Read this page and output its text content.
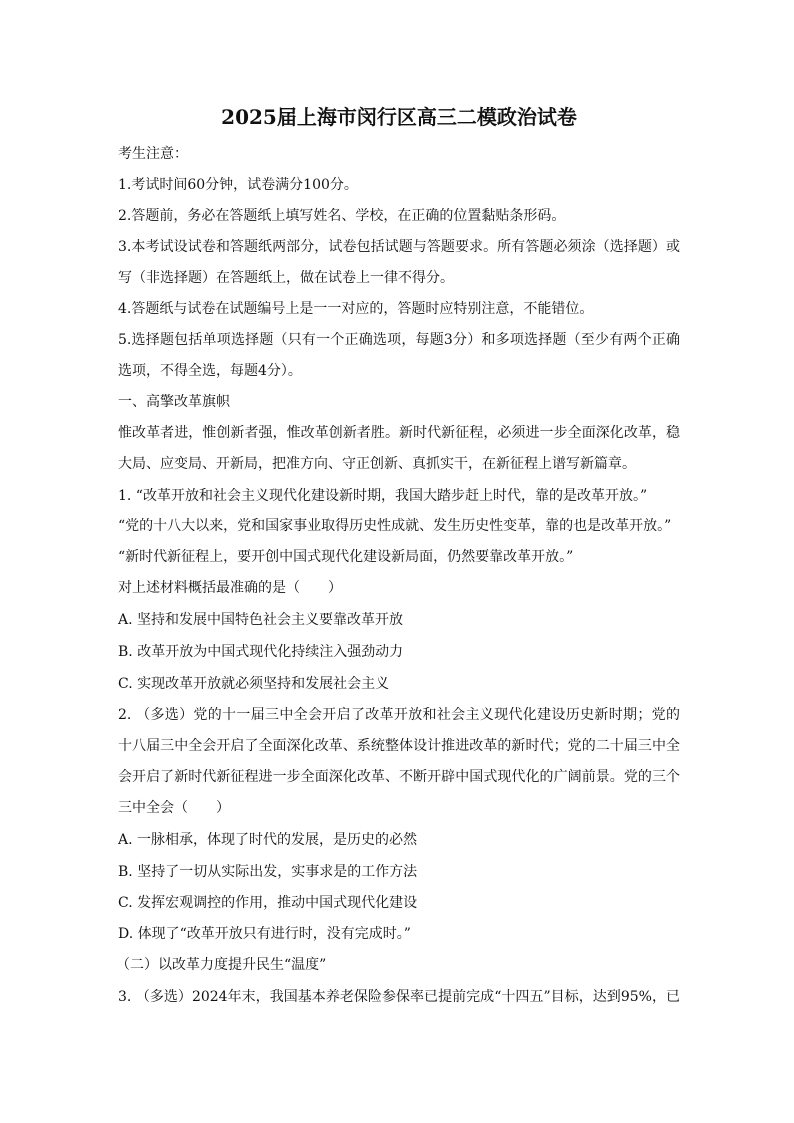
2025届上海市闵行区高三二模政治试卷
考生注意：
1.考试时间60分钟，试卷满分100分。
2.答题前，务必在答题纸上填写姓名、学校，在正确的位置黏贴条形码。
3.本考试设试卷和答题纸两部分，试卷包括试题与答题要求。所有答题必须涂（选择题）或
写（非选择题）在答题纸上，做在试卷上一律不得分。
4.答题纸与试卷在试题编号上是一一对应的，答题时应特别注意，不能错位。
5.选择题包括单项选择题（只有一个正确选项，每题3分）和多项选择题（至少有两个正确
选项，不得全选，每题4分）。
一、高擎改革旗帜
惟改革者进，惟创新者强，惟改革创新者胜。新时代新征程，必须进一步全面深化改革，稳
大局、应变局、开新局，把准方向、守正创新、真抓实干，在新征程上谱写新篇章。
1. “改革开放和社会主义现代化建设新时期，我国大踏步赶上时代，靠的是改革开放。”
“党的十八大以来，党和国家事业取得历史性成就、发生历史性变革，靠的也是改革开放。”
“新时代新征程上，要开创中国式现代化建设新局面，仍然要靠改革开放。”
对上述材料概括最准确的是（　　）
A. 坚持和发展中国特色社会主义要靠改革开放
B. 改革开放为中国式现代化持续注入强劲动力
C. 实现改革开放就必须坚持和发展社会主义
2. （多选）党的十一届三中全会开启了改革开放和社会主义现代化建设历史新时期；党的
十八届三中全会开启了全面深化改革、系统整体设计推进改革的新时代；党的二十届三中全
会开启了新时代新征程进一步全面深化改革、不断开辟中国式现代化的广阔前景。党的三个
三中全会（　　）
A. 一脉相承，体现了时代的发展，是历史的必然
B. 坚持了一切从实际出发，实事求是的工作方法
C. 发挥宏观调控的作用，推动中国式现代化建设
D. 体现了“改革开放只有进行时，没有完成时。”
（二）以改革力度提升民生“温度”
3. （多选）2024年末，我国基本养老保险参保率已提前完成“十四五”目标，达到95%，已
